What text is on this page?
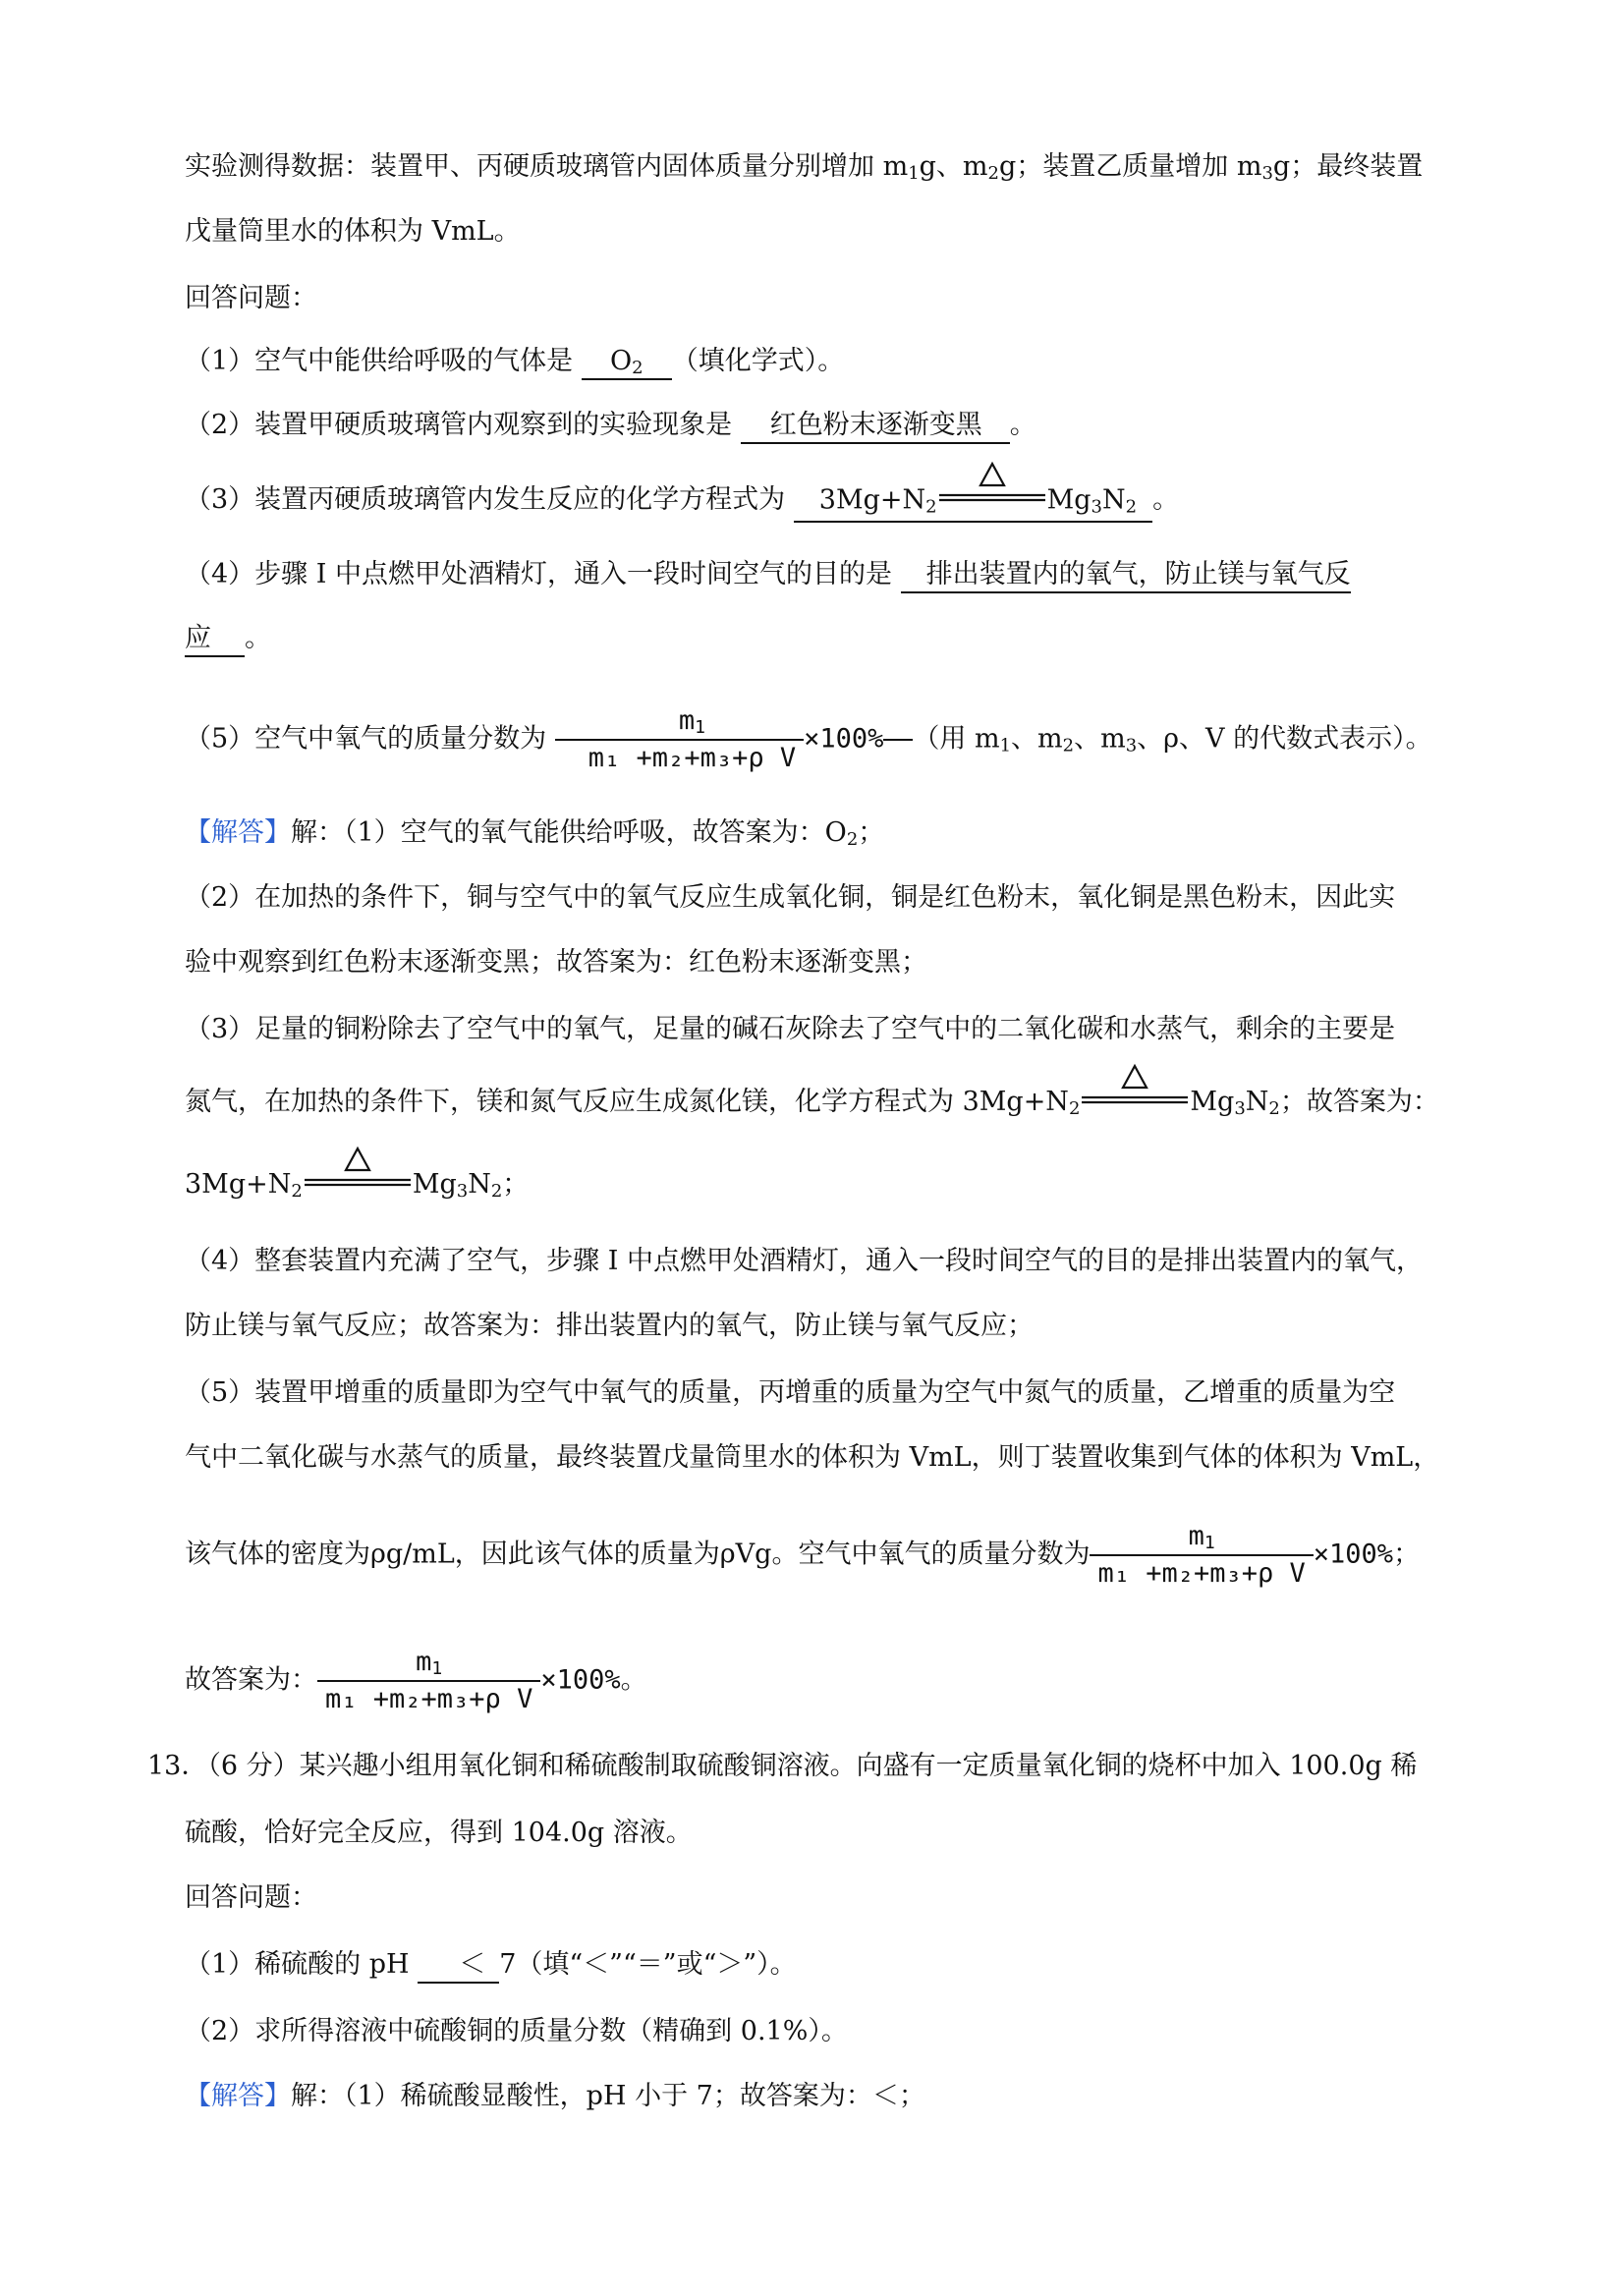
实验测得数据：装置甲、丙硬质玻璃管内固体质量分别增加 $m_1g$、$m_2g$；装置乙质量增加 $m_3g$；最终装置
戊量筒里水的体积为 VmL。
回答问题：
（1）空气中能供给呼吸的气体是 $O_2$ （填化学式）。
（2）装置甲硬质玻璃管内观察到的实验现象是 红色粉末逐渐变黑 。
（3）装置丙硬质玻璃管内发生反应的化学方程式为 $3Mg+N_2$	$Mg_3N_2$ 。
（4）步骤 I 中点燃甲处酒精灯，通入一段时间空气的目的是 排出装置内的氧气，防止镁与氧气反
应 。
（5）空气中氧气的质量分数为 $\frac{m_1}{\text{m₁ +m₂+m₃+ρ V}} \times 100\%$ （用 $m_1$、$m_2$、$m_3$、ρ、V 的代数式表示）。
【解答】解：（1）空气的氧气能供给呼吸，故答案为：$O_2$；
（2）在加热的条件下，铜与空气中的氧气反应生成氧化铜，铜是红色粉末，氧化铜是黑色粉末，因此实
验中观察到红色粉末逐渐变黑；故答案为：红色粉末逐渐变黑；
（3）足量的铜粉除去了空气中的氧气，足量的碱石灰除去了空气中的二氧化碳和水蒸气，剩余的主要是
氮气，在加热的条件下，镁和氮气反应生成氮化镁，化学方程式为 $3Mg+N_2$	$Mg_3N_2$；故答案为：
$3Mg+N_2$	$Mg_3N_2$；
（4）整套装置内充满了空气，步骤 I 中点燃甲处酒精灯，通入一段时间空气的目的是排出装置内的氧气，
防止镁与氧气反应；故答案为：排出装置内的氧气，防止镁与氧气反应；
（5）装置甲增重的质量即为空气中氧气的质量，丙增重的质量为空气中氮气的质量，乙增重的质量为空
气中二氧化碳与水蒸气的质量，最终装置戊量筒里水的体积为 VmL，则丁装置收集到气体的体积为 VmL，
该气体的密度为ρg/mL，因此该气体的质量为ρVg。空气中氧气的质量分数为 $\frac{m_1}{\text{m₁ +m₂+m₃+ρ V}} \times 100\%$；
故答案为： $\frac{m_1}{\text{m₁ +m₂+m₃+ρ V}} \times 100\%$。
13．（6 分）某兴趣小组用氧化铜和稀硫酸制取硫酸铜溶液。向盛有一定质量氧化铜的烧杯中加入 100.0g 稀
硫酸，恰好完全反应，得到 104.0g 溶液。
回答问题：
（1）稀硫酸的 pH ＜ 7（填“＜”“＝”或“＞”）。
（2）求所得溶液中硫酸铜的质量分数（精确到 0.1%）。
【解答】解：（1）稀硫酸显酸性，pH 小于 7；故答案为：＜；
